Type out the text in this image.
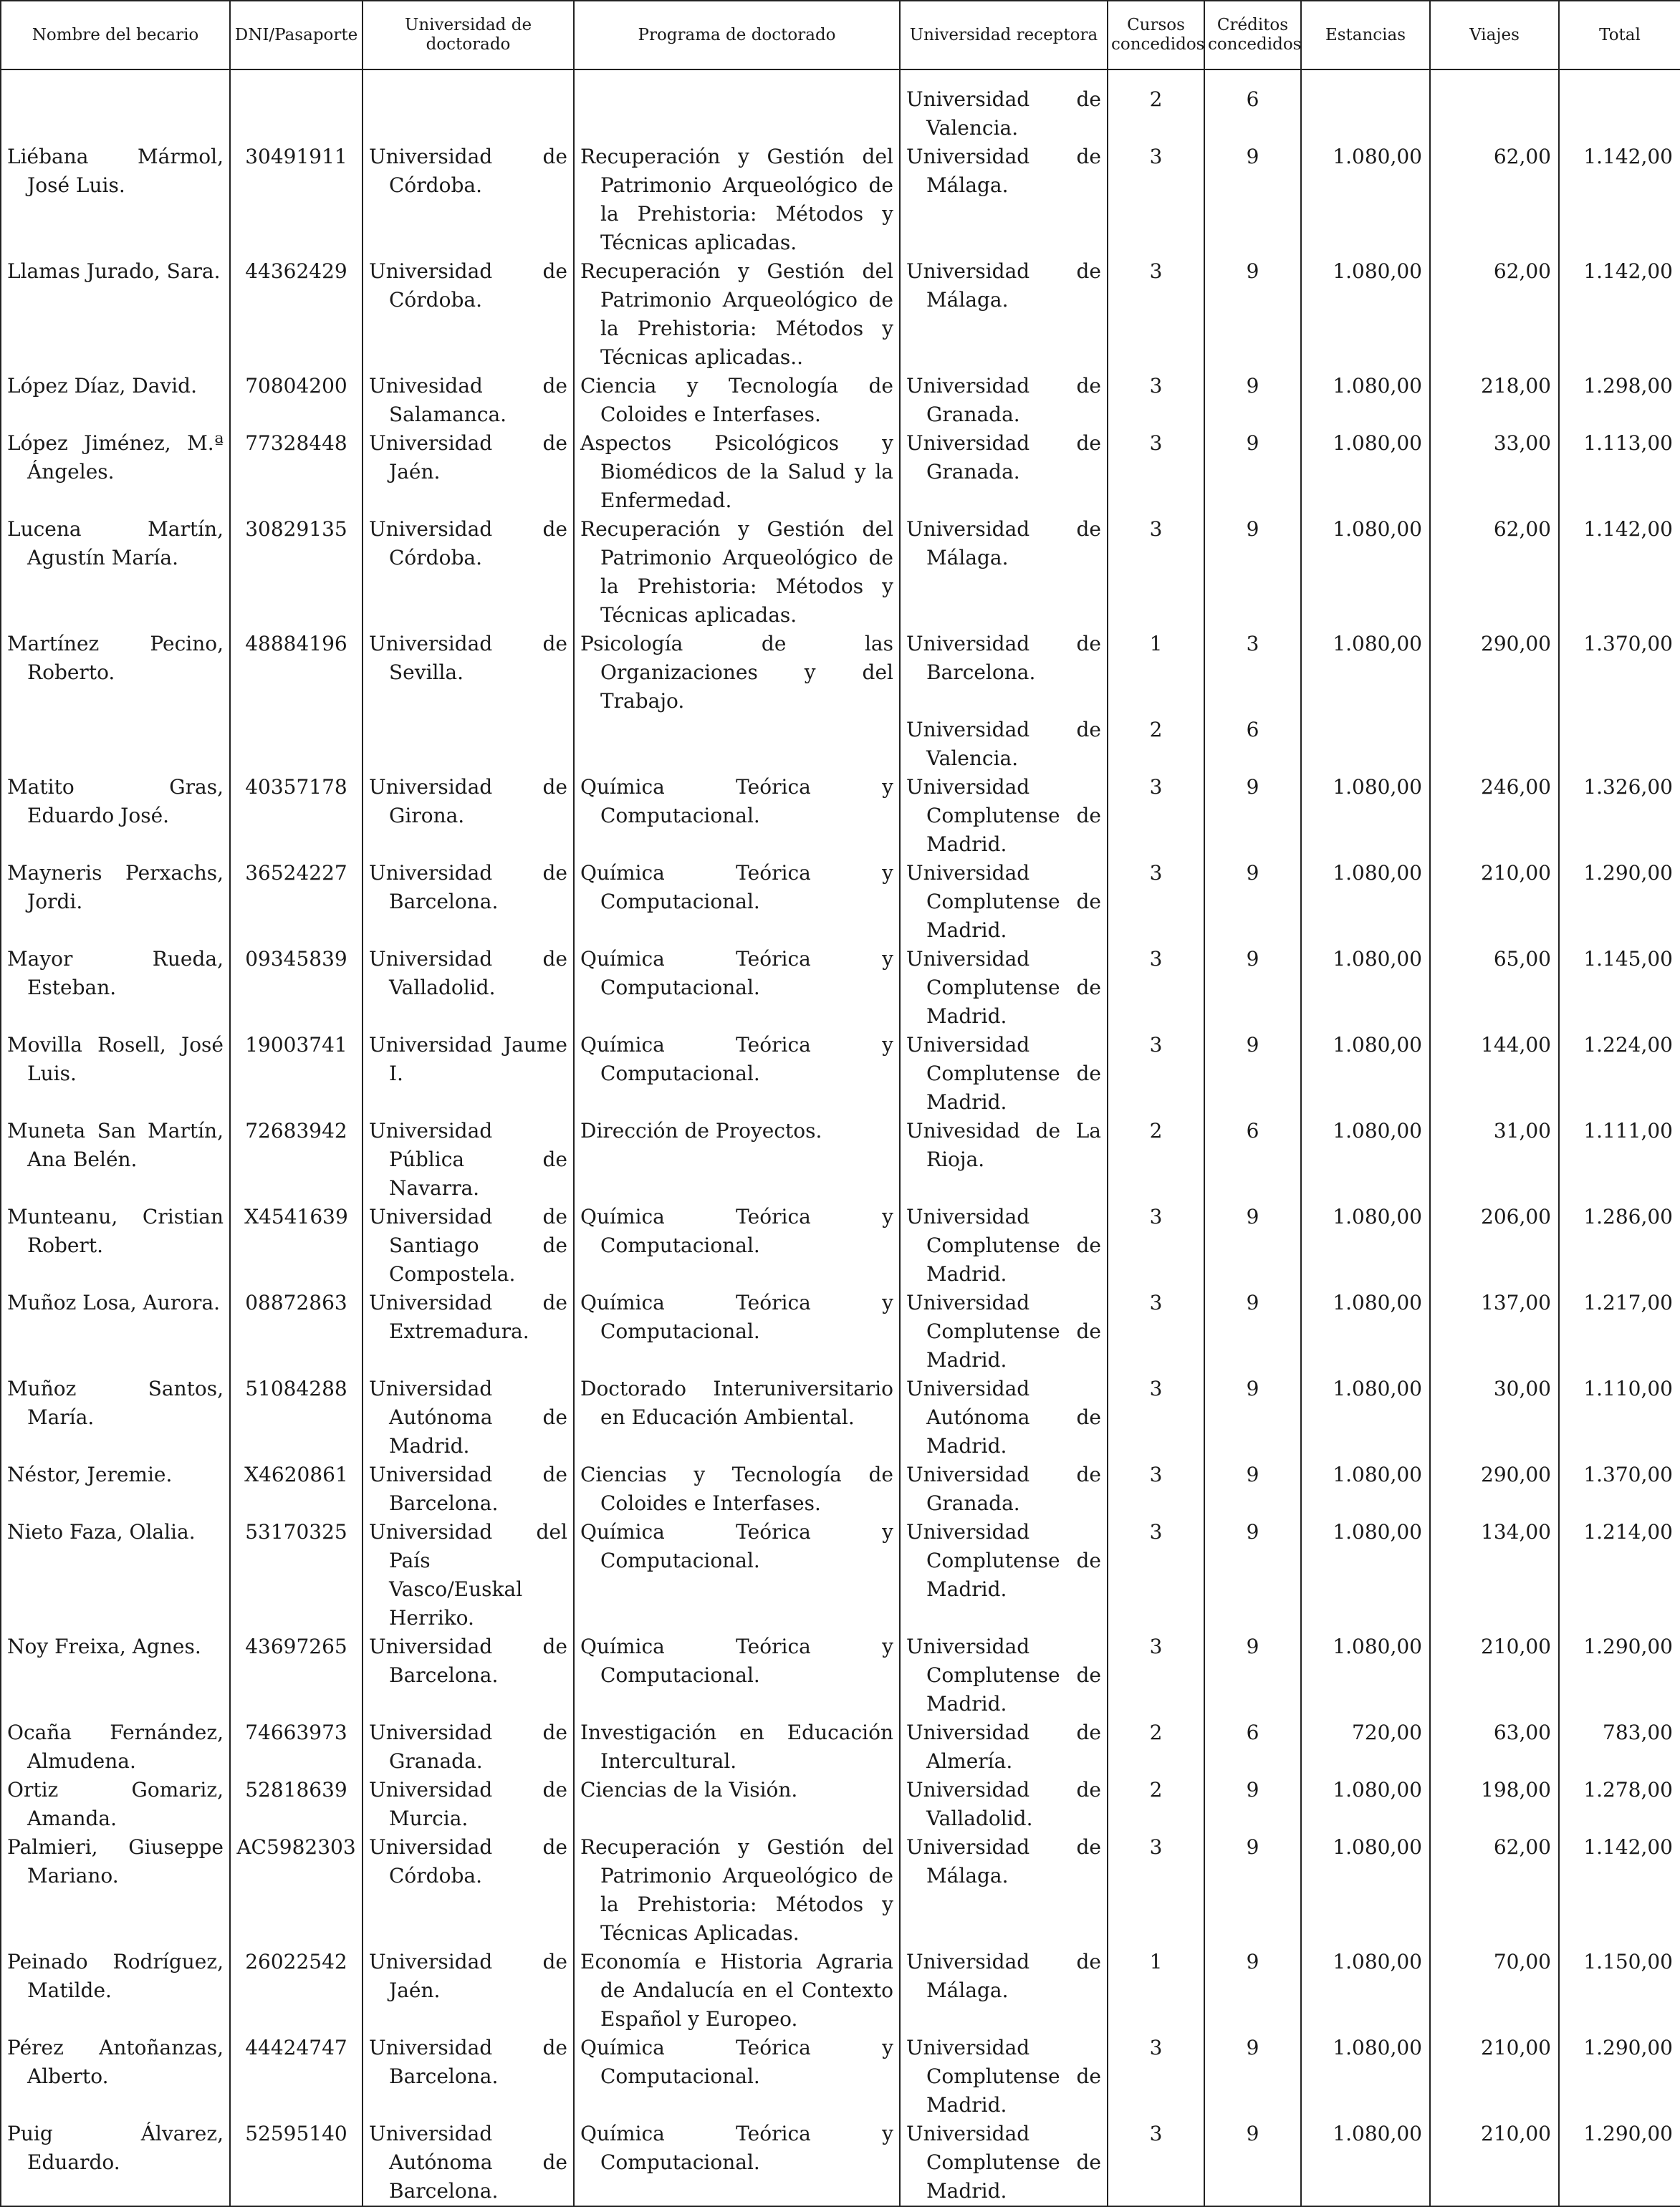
Nombre del becario	DNI/Pasaporte	Universidad de doctorado	Programa de doctorado	Universidad receptora	Cursos concedidos	Créditos concedidos	Estancias	Viajes	Total

				Universidad de Valencia.	2	6			
Liébana Mármol, José Luis.	30491911	Universidad de Córdoba.	Recuperación y Gestión del Patrimonio Arqueológico de la Prehistoria: Métodos y Técnicas aplicadas.	Universidad de Málaga.	3	9	1.080,00	62,00	1.142,00
Llamas Jurado, Sara.	44362429	Universidad de Córdoba.	Recuperación y Gestión del Patrimonio Arqueológico de la Prehistoria: Métodos y Técnicas aplicadas..	Universidad de Málaga.	3	9	1.080,00	62,00	1.142,00
López Díaz, David.	70804200	Univesidad de Salamanca.	Ciencia y Tecnología de Coloides e Interfases.	Universidad de Granada.	3	9	1.080,00	218,00	1.298,00
López Jiménez, M.ª Ángeles.	77328448	Universidad de Jaén.	Aspectos Psicológicos y Biomédicos de la Salud y la Enfermedad.	Universidad de Granada.	3	9	1.080,00	33,00	1.113,00
Lucena Martín, Agustín María.	30829135	Universidad de Córdoba.	Recuperación y Gestión del Patrimonio Arqueológico de la Prehistoria: Métodos y Técnicas aplicadas.	Universidad de Málaga.	3	9	1.080,00	62,00	1.142,00
Martínez Pecino, Roberto.	48884196	Universidad de Sevilla.	Psicología de las Organizaciones y del Trabajo.	Universidad de Barcelona.	1	3	1.080,00	290,00	1.370,00
				Universidad de Valencia.	2	6			
Matito Gras, Eduardo José.	40357178	Universidad de Girona.	Química Teórica y Computacional.	Universidad Complutense de Madrid.	3	9	1.080,00	246,00	1.326,00
Mayneris Perxachs, Jordi.	36524227	Universidad de Barcelona.	Química Teórica y Computacional.	Universidad Complutense de Madrid.	3	9	1.080,00	210,00	1.290,00
Mayor Rueda, Esteban.	09345839	Universidad de Valladolid.	Química Teórica y Computacional.	Universidad Complutense de Madrid.	3	9	1.080,00	65,00	1.145,00
Movilla Rosell, José Luis.	19003741	Universidad Jaume I.	Química Teórica y Computacional.	Universidad Complutense de Madrid.	3	9	1.080,00	144,00	1.224,00
Muneta San Martín, Ana Belén.	72683942	Universidad Pública de Navarra.	Dirección de Proyectos.	Univesidad de La Rioja.	2	6	1.080,00	31,00	1.111,00
Munteanu, Cristian Robert.	X4541639	Universidad de Santiago de Compostela.	Química Teórica y Computacional.	Universidad Complutense de Madrid.	3	9	1.080,00	206,00	1.286,00
Muñoz Losa, Aurora.	08872863	Universidad de Extremadura.	Química Teórica y Computacional.	Universidad Complutense de Madrid.	3	9	1.080,00	137,00	1.217,00
Muñoz Santos, María.	51084288	Universidad Autónoma de Madrid.	Doctorado Interuniversitario en Educación Ambiental.	Universidad Autónoma de Madrid.	3	9	1.080,00	30,00	1.110,00
Néstor, Jeremie.	X4620861	Universidad de Barcelona.	Ciencias y Tecnología de Coloides e Interfases.	Universidad de Granada.	3	9	1.080,00	290,00	1.370,00
Nieto Faza, Olalia.	53170325	Universidad del País Vasco/Euskal Herriko.	Química Teórica y Computacional.	Universidad Complutense de Madrid.	3	9	1.080,00	134,00	1.214,00
Noy Freixa, Agnes.	43697265	Universidad de Barcelona.	Química Teórica y Computacional.	Universidad Complutense de Madrid.	3	9	1.080,00	210,00	1.290,00
Ocaña Fernández, Almudena.	74663973	Universidad de Granada.	Investigación en Educación Intercultural.	Universidad de Almería.	2	6	720,00	63,00	783,00
Ortiz Gomariz, Amanda.	52818639	Universidad de Murcia.	Ciencias de la Visión.	Universidad de Valladolid.	2	9	1.080,00	198,00	1.278,00
Palmieri, Giuseppe Mariano.	AC5982303	Universidad de Córdoba.	Recuperación y Gestión del Patrimonio Arqueológico de la Prehistoria: Métodos y Técnicas Aplicadas.	Universidad de Málaga.	3	9	1.080,00	62,00	1.142,00
Peinado Rodríguez, Matilde.	26022542	Universidad de Jaén.	Economía e Historia Agraria de Andalucía en el Contexto Español y Europeo.	Universidad de Málaga.	1	9	1.080,00	70,00	1.150,00
Pérez Antoñanzas, Alberto.	44424747	Universidad de Barcelona.	Química Teórica y Computacional.	Universidad Complutense de Madrid.	3	9	1.080,00	210,00	1.290,00
Puig Álvarez, Eduardo.	52595140	Universidad Autónoma de Barcelona.	Química Teórica y Computacional.	Universidad Complutense de Madrid.	3	9	1.080,00	210,00	1.290,00
